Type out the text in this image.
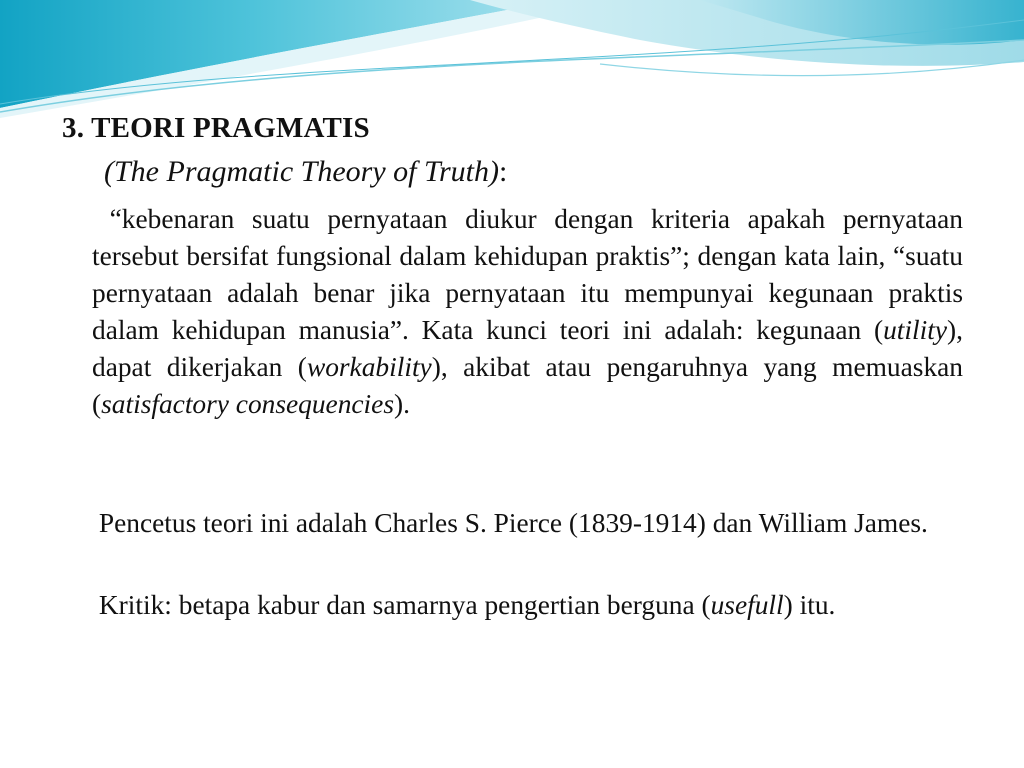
3. TEORI PRAGMATIS
(The Pragmatic Theory of Truth):
“kebenaran suatu pernyataan diukur dengan kriteria apakah pernyataan tersebut bersifat fungsional dalam kehidupan praktis”; dengan kata lain, “suatu pernyataan adalah benar jika pernyataan itu mempunyai kegunaan praktis dalam kehidupan manusia”. Kata kunci teori ini adalah: kegunaan (utility), dapat dikerjakan (workability), akibat atau pengaruhnya yang memuaskan (satisfactory consequencies).
Pencetus teori ini adalah Charles S. Pierce (1839-1914) dan William James.
Kritik: betapa kabur dan samarnya pengertian berguna (usefull) itu.
